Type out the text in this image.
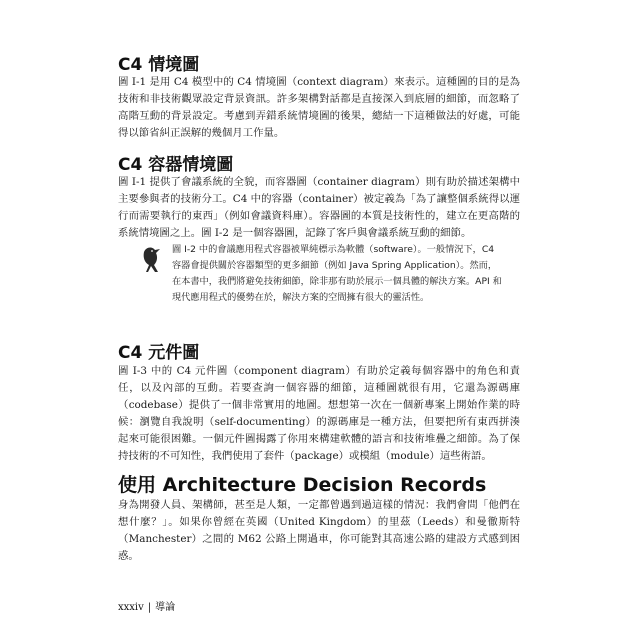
C4 情境圖

圖 I-1 是用 C4 模型中的 C4 情境圖（context diagram）來表示。這種圖的目的是為技術和非技術觀眾設定背景資訊。許多架構對話都是直接深入到底層的細節，而忽略了高階互動的背景設定。考慮到弄錯系統情境圖的後果，總結一下這種做法的好處，可能得以節省糾正誤解的幾個月工作量。

C4 容器情境圖

圖 I-1 提供了會議系統的全貌，而容器圖（container diagram）則有助於描述架構中主要參與者的技術分工。C4 中的容器（container）被定義為「為了讓整個系統得以運行而需要執行的東西」（例如會議資料庫）。容器圖的本質是技術性的，建立在更高階的系統情境圖之上。圖 I-2 是一個容器圖，記錄了客戶與會議系統互動的細節。

圖 I-2 中的會議應用程式容器被單純標示為軟體（software）。一般情況下，C4 容器會提供關於容器類型的更多細節（例如 Java Spring Application）。然而，在本書中，我們將避免技術細節，除非那有助於展示一個具體的解決方案。API 和現代應用程式的優勢在於，解決方案的空間擁有很大的靈活性。

C4 元件圖

圖 I-3 中的 C4 元件圖（component diagram）有助於定義每個容器中的角色和責任，以及內部的互動。若要查詢一個容器的細節，這種圖就很有用，它還為源碼庫（codebase）提供了一個非常實用的地圖。想想第一次在一個新專案上開始作業的時候：瀏覽自我說明（self-documenting）的源碼庫是一種方法，但要把所有東西拼湊起來可能很困難。一個元件圖揭露了你用來構建軟體的語言和技術堆疊之細節。為了保持技術的不可知性，我們使用了套件（package）或模組（module）這些術語。

使用 Architecture Decision Records

身為開發人員、架構師，甚至是人類，一定都曾遇到過這樣的情況：我們會問「他們在想什麼？」。如果你曾經在英國（United Kingdom）的里茲（Leeds）和曼徹斯特（Manchester）之間的 M62 公路上開過車，你可能對其高速公路的建設方式感到困惑。

xxxiv | 導論
